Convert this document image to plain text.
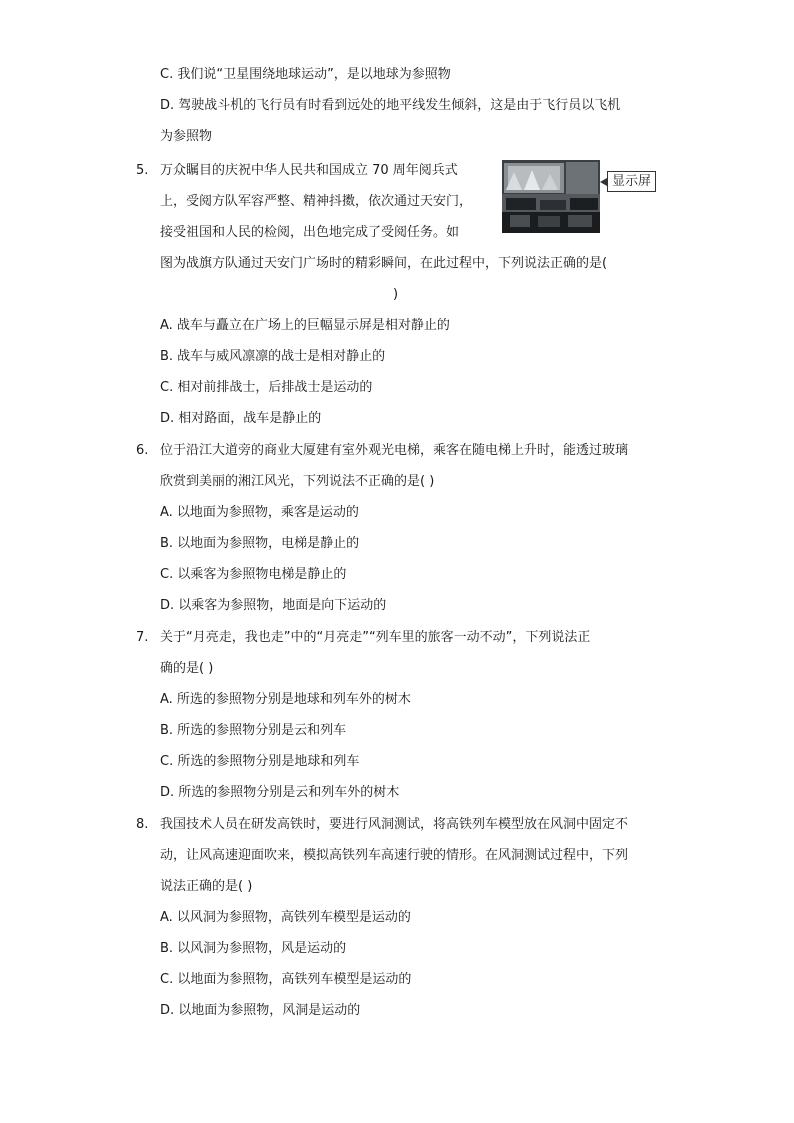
C. 我们说“卫星围绕地球运动”，是以地球为参照物
D. 驾驶战斗机的飞行员有时看到远处的地平线发生倾斜，这是由于飞行员以飞机
为参照物
5. 万众瞩目的庆祝中华人民共和国成立 70 周年阅兵式
上，受阅方队军容严整、精神抖擞，依次通过天安门，
接受祖国和人民的检阅，出色地完成了受阅任务。如
图为战旗方队通过天安门广场时的精彩瞬间，在此过程中，下列说法正确的是(
)
显示屏
A. 战车与矗立在广场上的巨幅显示屏是相对静止的
B. 战车与威风凛凛的战士是相对静止的
C. 相对前排战士，后排战士是运动的
D. 相对路面，战车是静止的
6. 位于沿江大道旁的商业大厦建有室外观光电梯，乘客在随电梯上升时，能透过玻璃
欣赏到美丽的湘江风光，下列说法不正确的是( )
A. 以地面为参照物，乘客是运动的
B. 以地面为参照物，电梯是静止的
C. 以乘客为参照物电梯是静止的
D. 以乘客为参照物，地面是向下运动的
7. 关于“月亮走，我也走”中的“月亮走”“列车里的旅客一动不动”，下列说法正
确的是( )
A. 所选的参照物分别是地球和列车外的树木
B. 所选的参照物分别是云和列车
C. 所选的参照物分别是地球和列车
D. 所选的参照物分别是云和列车外的树木
8. 我国技术人员在研发高铁时，要进行风洞测试，将高铁列车模型放在风洞中固定不
动，让风高速迎面吹来，模拟高铁列车高速行驶的情形。在风洞测试过程中，下列
说法正确的是( )
A. 以风洞为参照物，高铁列车模型是运动的
B. 以风洞为参照物，风是运动的
C. 以地面为参照物，高铁列车模型是运动的
D. 以地面为参照物，风洞是运动的
